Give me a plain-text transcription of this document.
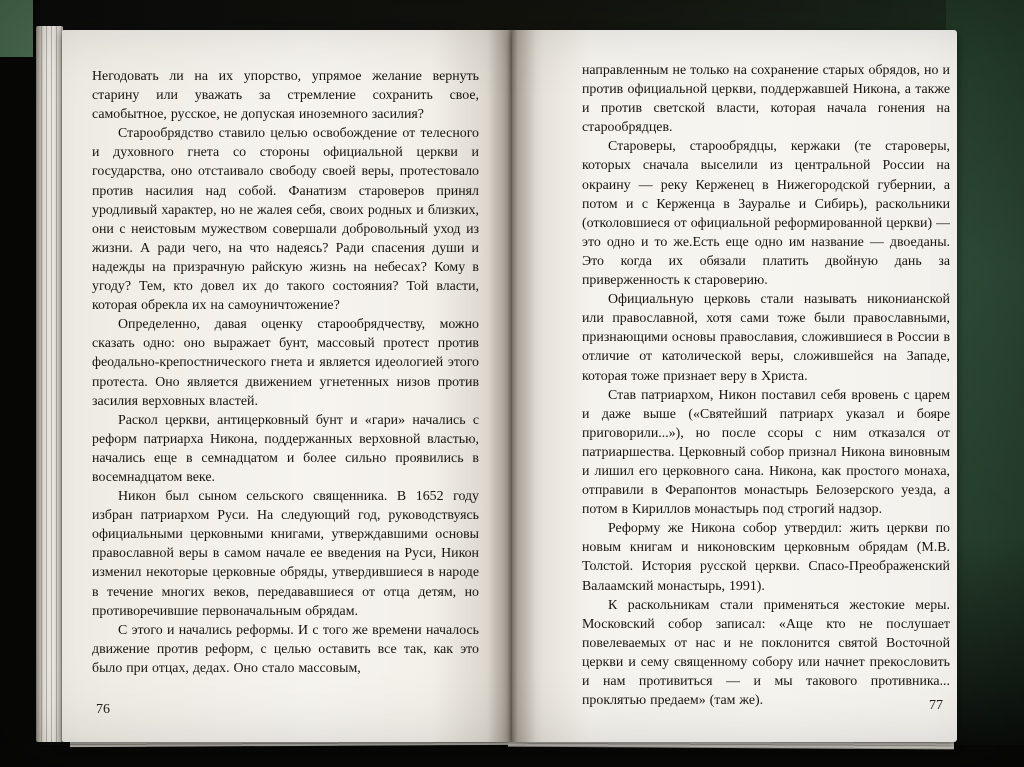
Негодовать ли на их упорство, упрямое желание вернуть старину или уважать за стремление сохранить свое, самобытное, русское, не допуская иноземного засилия?

Старообрядство ставило целью освобождение от телесного и духовного гнета со стороны официальной церкви и государства, оно отстаивало свободу своей веры, протестовало против насилия над собой. Фанатизм староверов принял уродливый характер, но не жалея себя, своих родных и близких, они с неистовым мужеством совершали добровольный уход из жизни. А ради чего, на что надеясь? Ради спасения души и надежды на призрачную райскую жизнь на небесах? Кому в угоду? Тем, кто довел их до такого состояния? Той власти, которая обрекла их на самоуничтожение?

Определенно, давая оценку старообрядчеству, можно сказать одно: оно выражает бунт, массовый протест против феодально-крепостнического гнета и является идеологией этого протеста. Оно является движением угнетенных низов против засилия верховных властей.

Раскол церкви, антицерковный бунт и «гари» начались с реформ патриарха Никона, поддержанных верховной властью, начались еще в семнадцатом и более сильно проявились в восемнадцатом веке.

Никон был сыном сельского священника. В 1652 году избран патриархом Руси. На следующий год, руководствуясь официальными церковными книгами, утверждавшими основы православной веры в самом начале ее введения на Руси, Никон изменил некоторые церковные обряды, утвердившиеся в народе в течение многих веков, передававшиеся от отца детям, но противоречившие первоначальным обрядам.

С этого и начались реформы. И с того же времени началось движение против реформ, с целью оставить все так, как это было при отцах, дедах. Оно стало массовым,

76

направленным не только на сохранение старых обрядов, но и против официальной церкви, поддержавшей Никона, а также и против светской власти, которая начала гонения на старообрядцев.

Староверы, старообрядцы, кержаки (те староверы, которых сначала выселили из центральной России на окраину — реку Керженец в Нижегородской губернии, а потом и с Керженца в Зауралье и Сибирь), раскольники (отколовшиеся от официальной реформированной церкви) — это одно и то же.Есть еще одно им название — двоеданы. Это когда их обязали платить двойную дань за приверженность к староверию.

Официальную церковь стали называть никонианской или православной, хотя сами тоже были православными, признающими основы православия, сложившиеся в России в отличие от католической веры, сложившейся на Западе, которая тоже признает веру в Христа.

Став патриархом, Никон поставил себя вровень с царем и даже выше («Святейший патриарх указал и бояре приговорили...»), но после ссоры с ним отказался от патриаршества. Церковный собор признал Никона виновным и лишил его церковного сана. Никона, как простого монаха, отправили в Ферапонтов монастырь Белозерского уезда, а потом в Кириллов монастырь под строгий надзор.

Реформу же Никона собор утвердил: жить церкви по новым книгам и никоновским церковным обрядам (М.В. Толстой. История русской церкви. Спасо-Преображенский Валаамский монастырь, 1991).

К раскольникам стали применяться жестокие меры. Московский собор записал: «Аще кто не послушает повелеваемых от нас и не поклонится святой Восточной церкви и сему священному собору или начнет прекословить и нам противиться — и мы такового противника... проклятью предаем» (там же).	77
